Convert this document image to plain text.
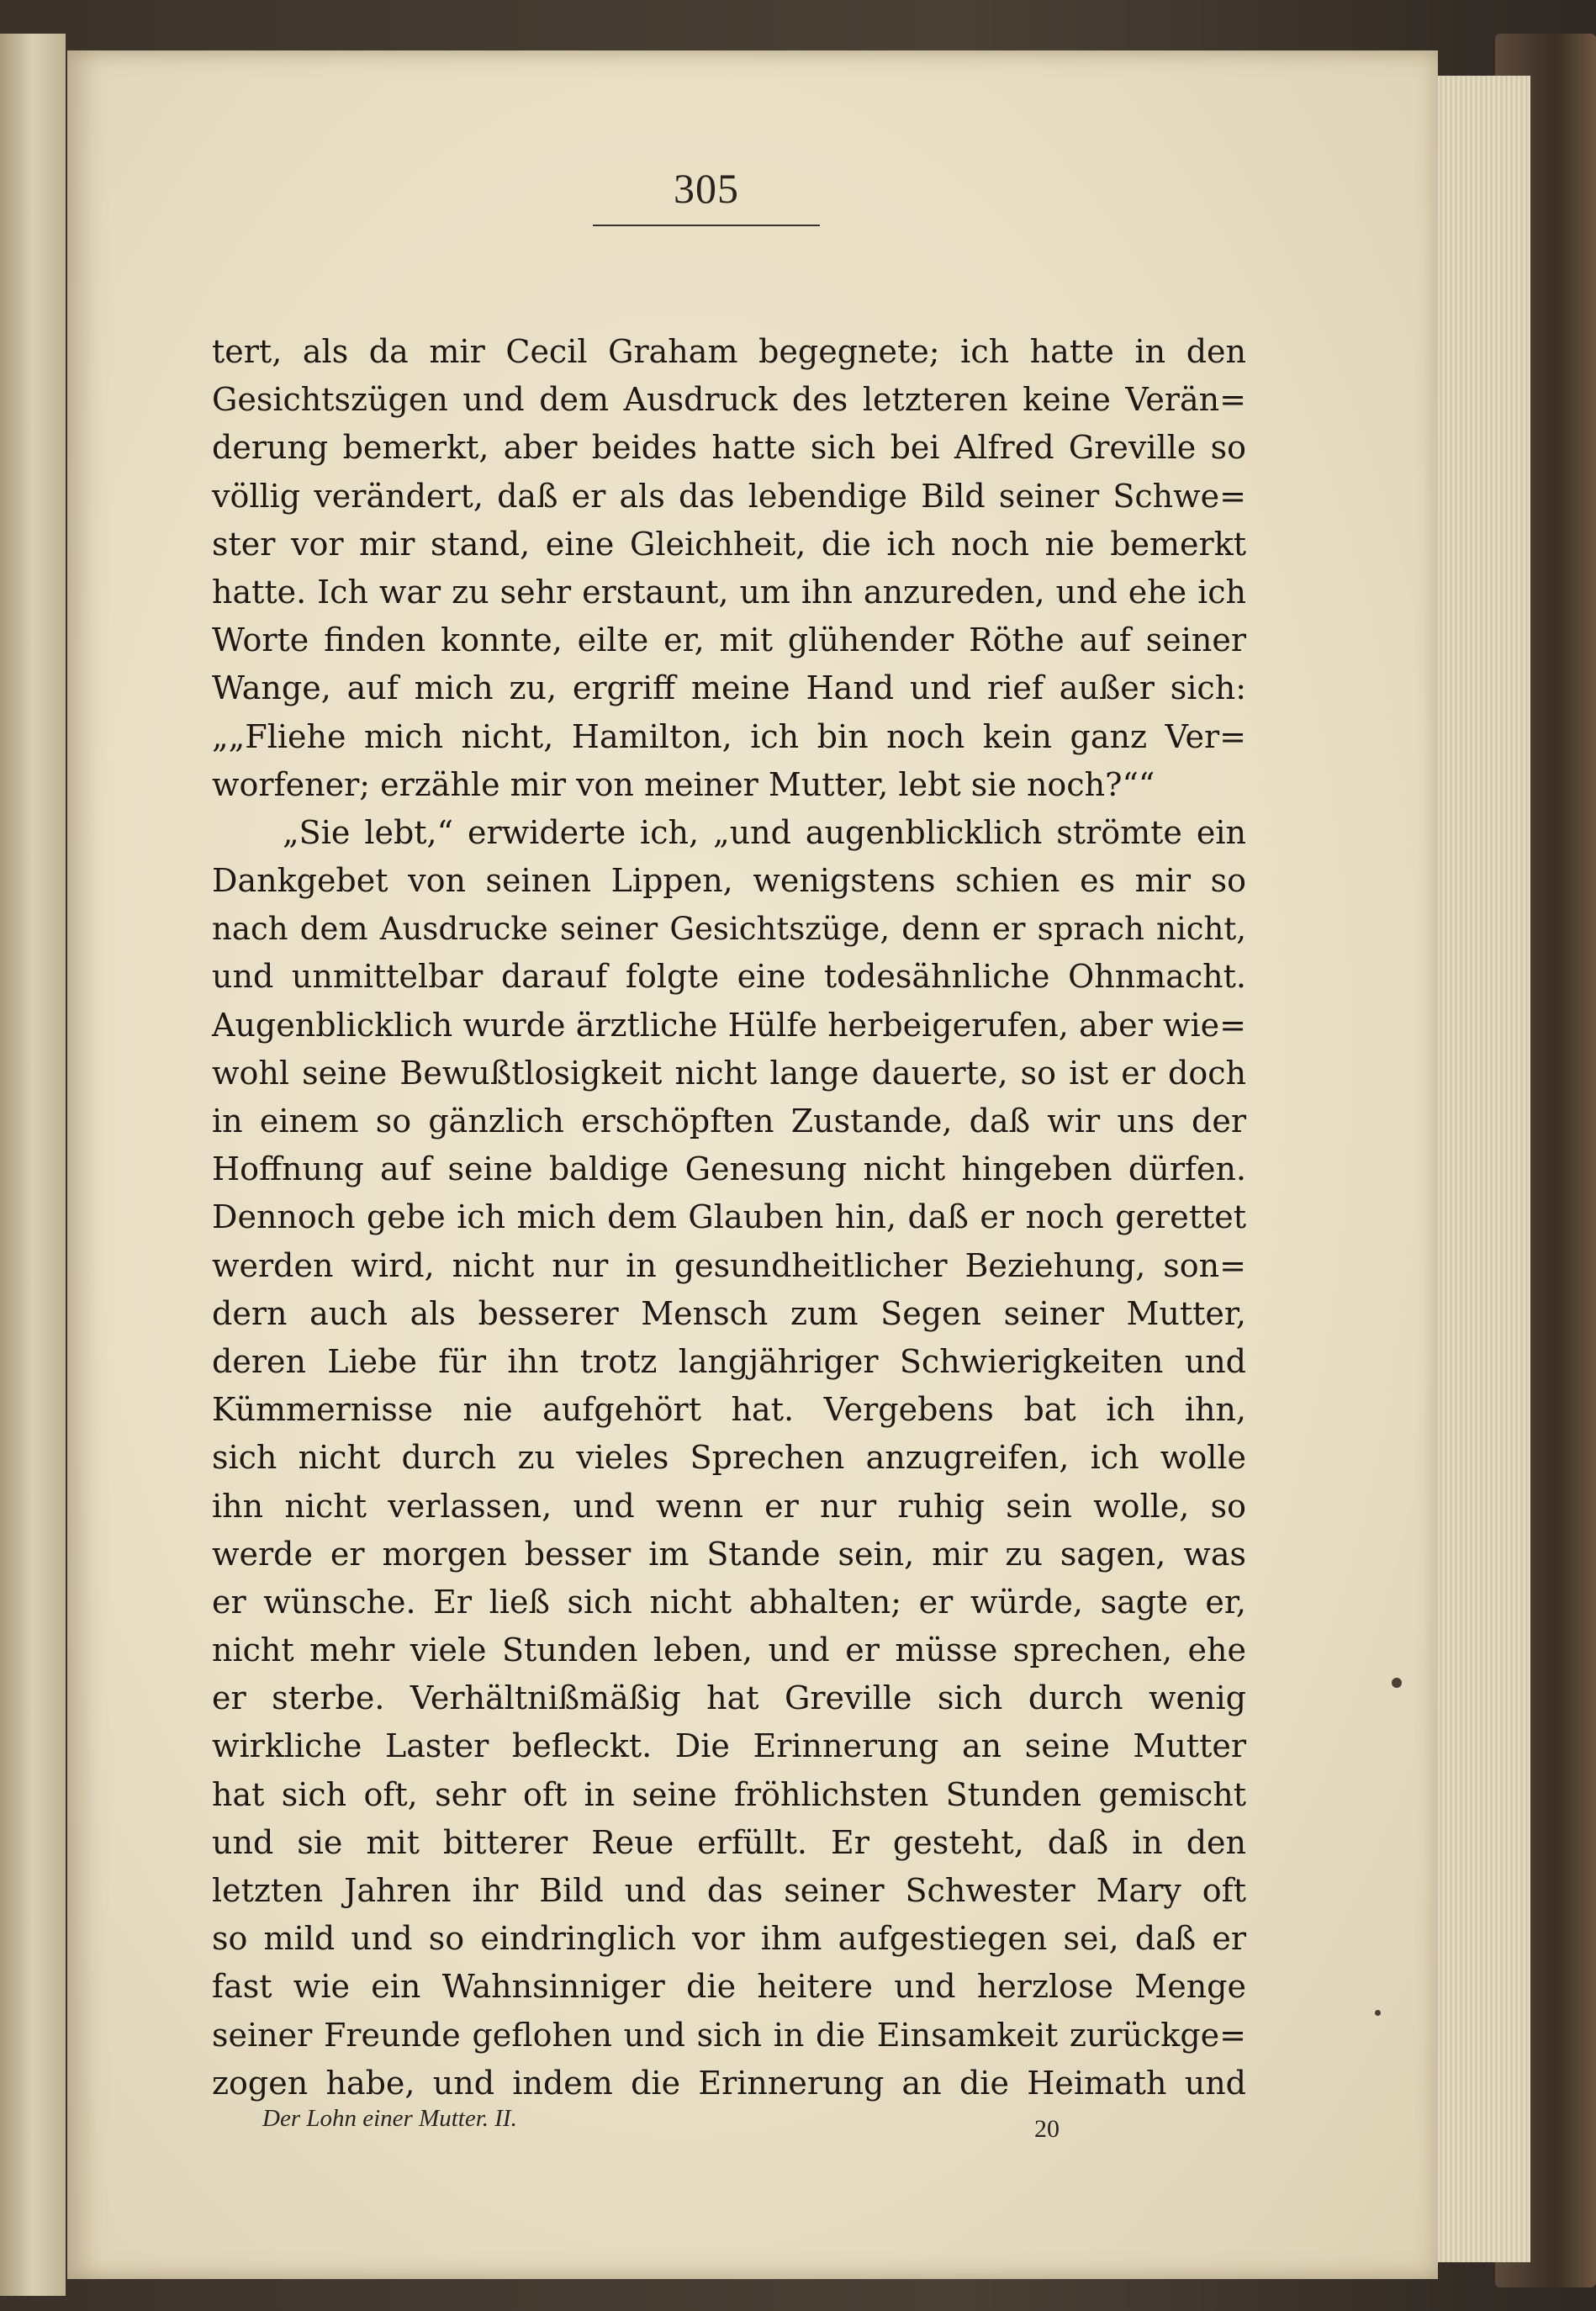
305
tert, als da mir Cecil Graham begegnete; ich hatte in den
Gesichtszügen und dem Ausdruck des letzteren keine Verän=
derung bemerkt, aber beides hatte sich bei Alfred Greville so
völlig verändert, daß er als das lebendige Bild seiner Schwe=
ster vor mir stand, eine Gleichheit, die ich noch nie bemerkt
hatte. Ich war zu sehr erstaunt, um ihn anzureden, und ehe ich
Worte finden konnte, eilte er, mit glühender Röthe auf seiner
Wange, auf mich zu, ergriff meine Hand und rief außer sich:
„„Fliehe mich nicht, Hamilton, ich bin noch kein ganz Ver=
worfener; erzähle mir von meiner Mutter, lebt sie noch?““
„Sie lebt,“ erwiderte ich, „und augenblicklich strömte ein
Dankgebet von seinen Lippen, wenigstens schien es mir so
nach dem Ausdrucke seiner Gesichtszüge, denn er sprach nicht,
und unmittelbar darauf folgte eine todesähnliche Ohnmacht.
Augenblicklich wurde ärztliche Hülfe herbeigerufen, aber wie=
wohl seine Bewußtlosigkeit nicht lange dauerte, so ist er doch
in einem so gänzlich erschöpften Zustande, daß wir uns der
Hoffnung auf seine baldige Genesung nicht hingeben dürfen.
Dennoch gebe ich mich dem Glauben hin, daß er noch gerettet
werden wird, nicht nur in gesundheitlicher Beziehung, son=
dern auch als besserer Mensch zum Segen seiner Mutter,
deren Liebe für ihn trotz langjähriger Schwierigkeiten und
Kümmernisse nie aufgehört hat. Vergebens bat ich ihn,
sich nicht durch zu vieles Sprechen anzugreifen, ich wolle
ihn nicht verlassen, und wenn er nur ruhig sein wolle, so
werde er morgen besser im Stande sein, mir zu sagen, was
er wünsche. Er ließ sich nicht abhalten; er würde, sagte er,
nicht mehr viele Stunden leben, und er müsse sprechen, ehe
er sterbe. Verhältnißmäßig hat Greville sich durch wenig
wirkliche Laster befleckt. Die Erinnerung an seine Mutter
hat sich oft, sehr oft in seine fröhlichsten Stunden gemischt
und sie mit bitterer Reue erfüllt. Er gesteht, daß in den
letzten Jahren ihr Bild und das seiner Schwester Mary oft
so mild und so eindringlich vor ihm aufgestiegen sei, daß er
fast wie ein Wahnsinniger die heitere und herzlose Menge
seiner Freunde geflohen und sich in die Einsamkeit zurückge=
zogen habe, und indem die Erinnerung an die Heimath und
Der Lohn einer Mutter. II.	20
